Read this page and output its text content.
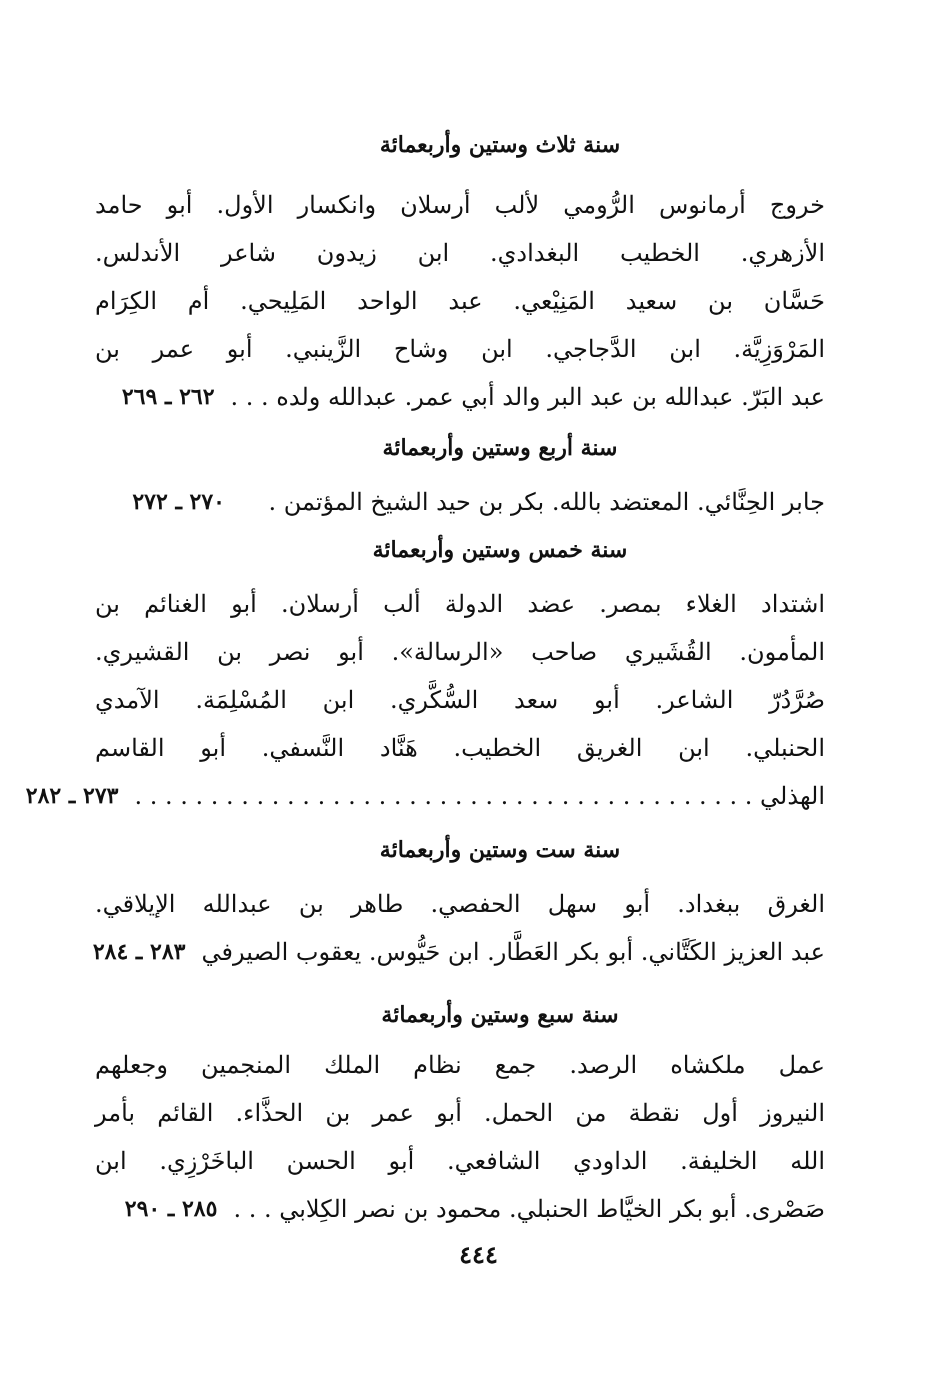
سنة ثلاث وستين وأربعمائة
خروج أرمانوس الرُّومي لألب أرسلان وانكسار الأول. أبو حامد
الأزهري. الخطيب البغدادي. ابن زيدون شاعر الأندلس.
حَسَّان بن سعيد المَنِيْعي. عبد الواحد المَلِيحي. أم الكِرَام
المَرْوَزِيَّة. ابن الدَّجاجي. ابن وشاح الزَّينبي. أبو عمر بن
عبد البَرّ. عبدالله بن عبد البر والد أبي عمر. عبدالله ولده . . .
٢٦٢ ـ ٢٦٩
سنة أربع وستين وأربعمائة
جابر الحِنَّائي. المعتضد بالله. بكر بن حيد الشيخ المؤتمن .
٢٧٠ ـ ٢٧٢
سنة خمس وستين وأربعمائة
اشتداد الغلاء بمصر. عضد الدولة ألب أرسلان. أبو الغنائم بن
المأمون. القُشَيري صاحب «الرسالة». أبو نصر بن القشيري.
صُرَّدُرّ الشاعر. أبو سعد السُّكَّري. ابن المُسْلِمَة. الآمدي
الحنبلي. ابن الغريق الخطيب. هَنَّاد النَّسفي. أبو القاسم
الهذلي . . . . . . . . . . . . . . . . . . . . . . . . . . . . . . . . . . . . . . . . .
٢٧٣ ـ ٢٨٢
سنة ست وستين وأربعمائة
الغرق ببغداد. أبو سهل الحفصي. طاهر بن عبدالله الإيلاقي.
عبد العزيز الكَتَّاني. أبو بكر العَطَّار. ابن حَيُّوس. يعقوب الصيرفي
٢٨٣ ـ ٢٨٤
سنة سبع وستين وأربعمائة
عمل ملكشاه الرصد. جمع نظام الملك المنجمين وجعلهم
النيروز أول نقطة من الحمل. أبو عمر بن الحذَّاء. القائم بأمر
الله الخليفة. الداودي الشافعي. أبو الحسن الباخَرْزِي. ابن
صَصْرى. أبو بكر الخيَّاط الحنبلي. محمود بن نصر الكِلابي . . .
٢٨٥ ـ ٢٩٠
٤٤٤
